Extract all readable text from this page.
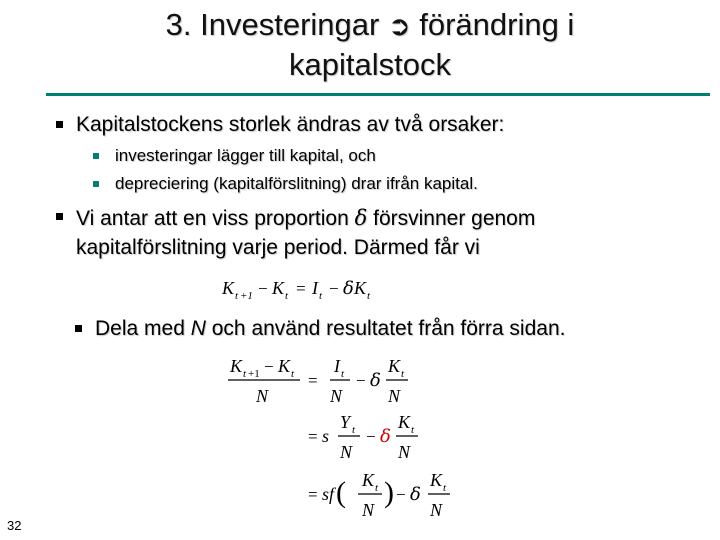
3. Investeringar ➲ förändring i
kapitalstock
Kapitalstockens storlek ändras av två orsaker:
investeringar lägger till kapital, och
depreciering (kapitalförslitning) drar ifrån kapital.
Vi antar att en viss proportion δ försvinner genom
kapitalförslitning varje period. Därmed får vi
K t +1 − K t = I t − δ K t
Dela med N och använd resultatet från förra sidan.
K t +1 − K t
N
=
I t
N
− δ
K t
N
= s
Y t
N
− δ
K t
N
= sf ( K t
N
) − δ
K t
N
32
